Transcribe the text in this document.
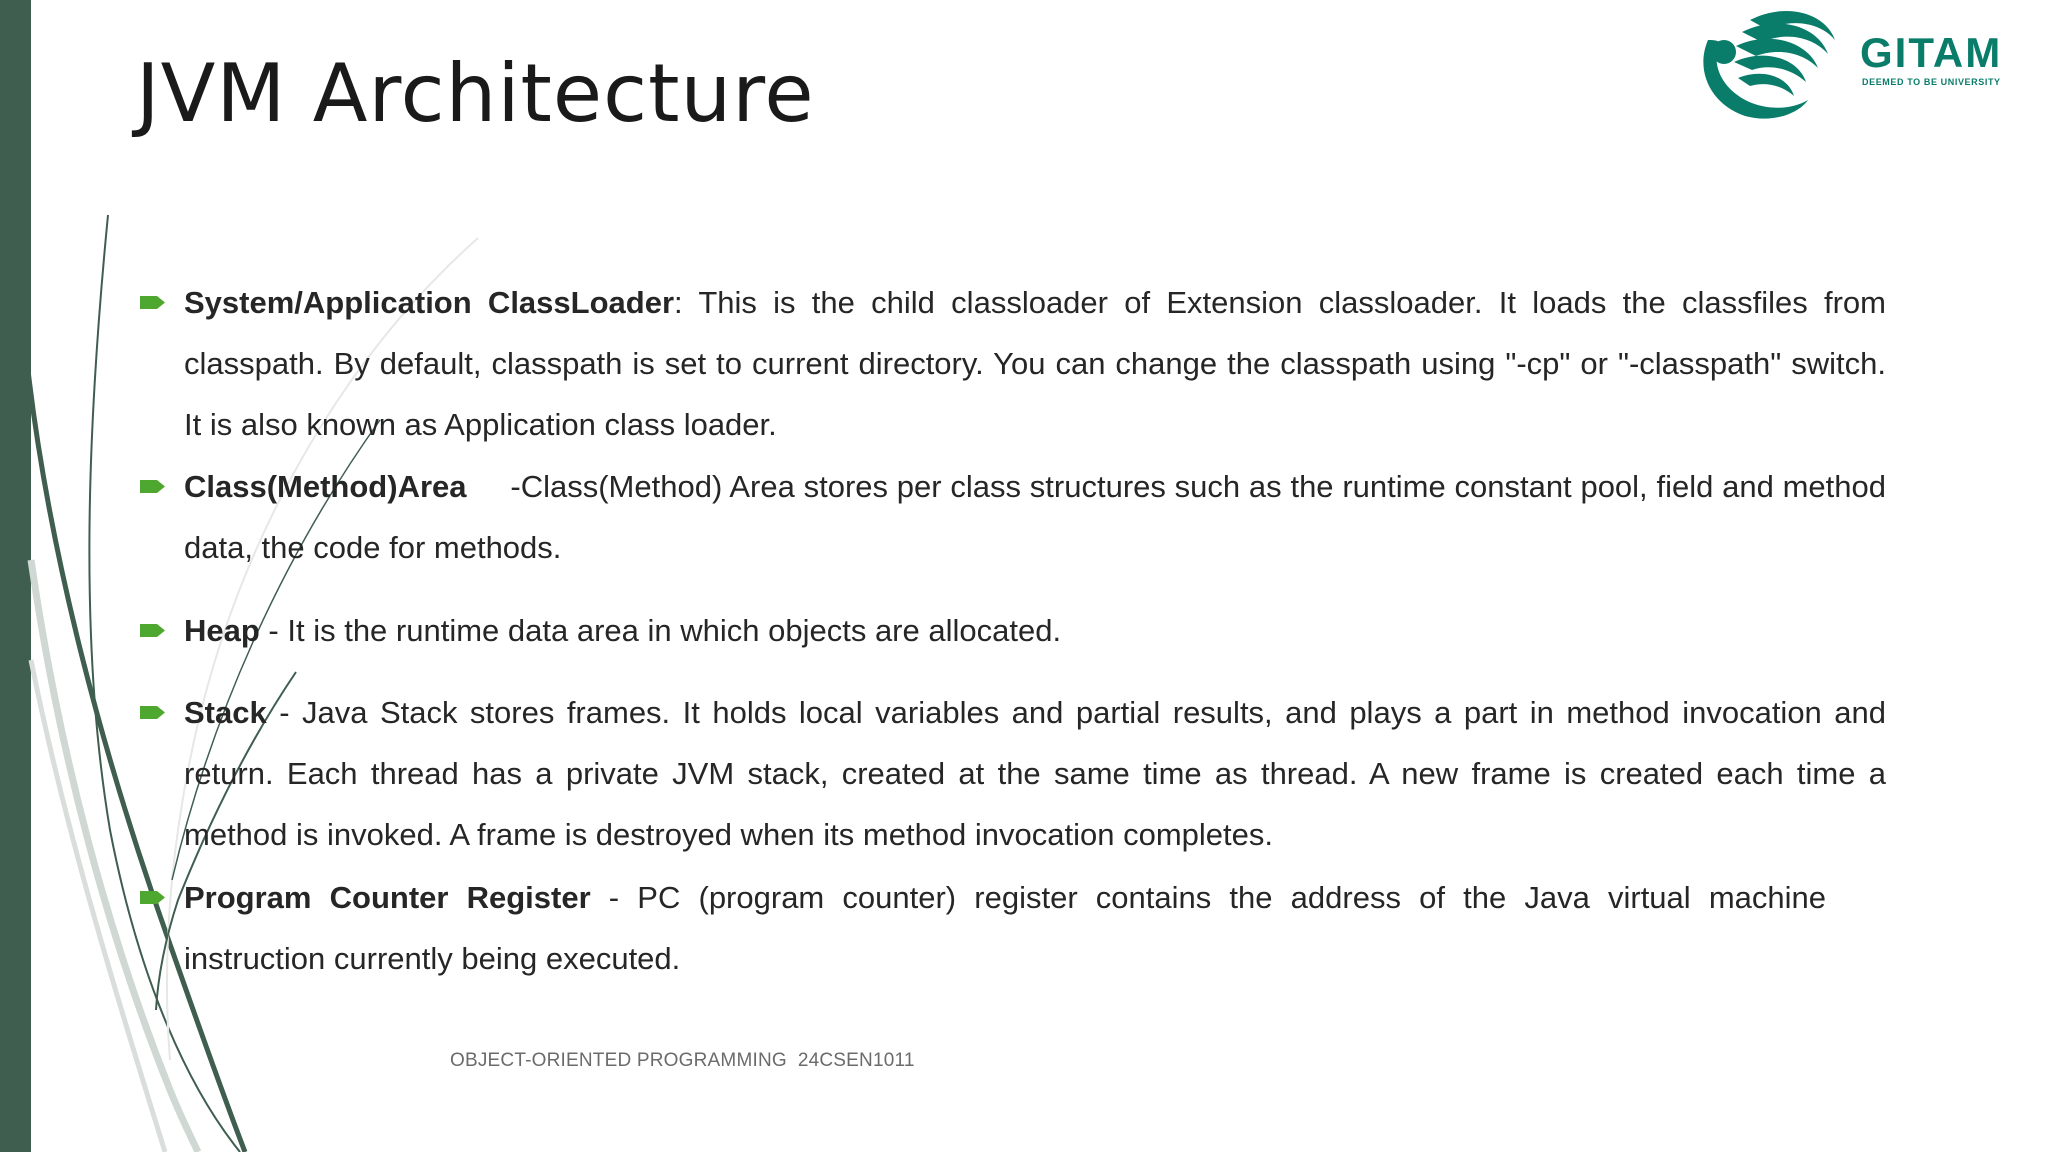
JVM Architecture	GITAM
DEEMED TO BE UNIVERSITY
System/Application ClassLoader: This is the child classloader of Extension classloader. It loads the classfiles from classpath. By default, classpath is set to current directory. You can change the classpath using "-cp" or "-classpath" switch. It is also known as Application class loader.
Class(Method)Area     -Class(Method) Area stores per class structures such as the runtime constant pool, field and method data, the code for methods.
Heap - It is the runtime data area in which objects are allocated.
Stack - Java Stack stores frames. It holds local variables and partial results, and plays a part in method invocation and return. Each thread has a private JVM stack, created at the same time as thread. A new frame is created each time a method is invoked. A frame is destroyed when its method invocation completes.
Program Counter Register - PC (program counter) register contains the address of the Java virtual machine instruction currently being executed.
OBJECT-ORIENTED PROGRAMMING  24CSEN1011
